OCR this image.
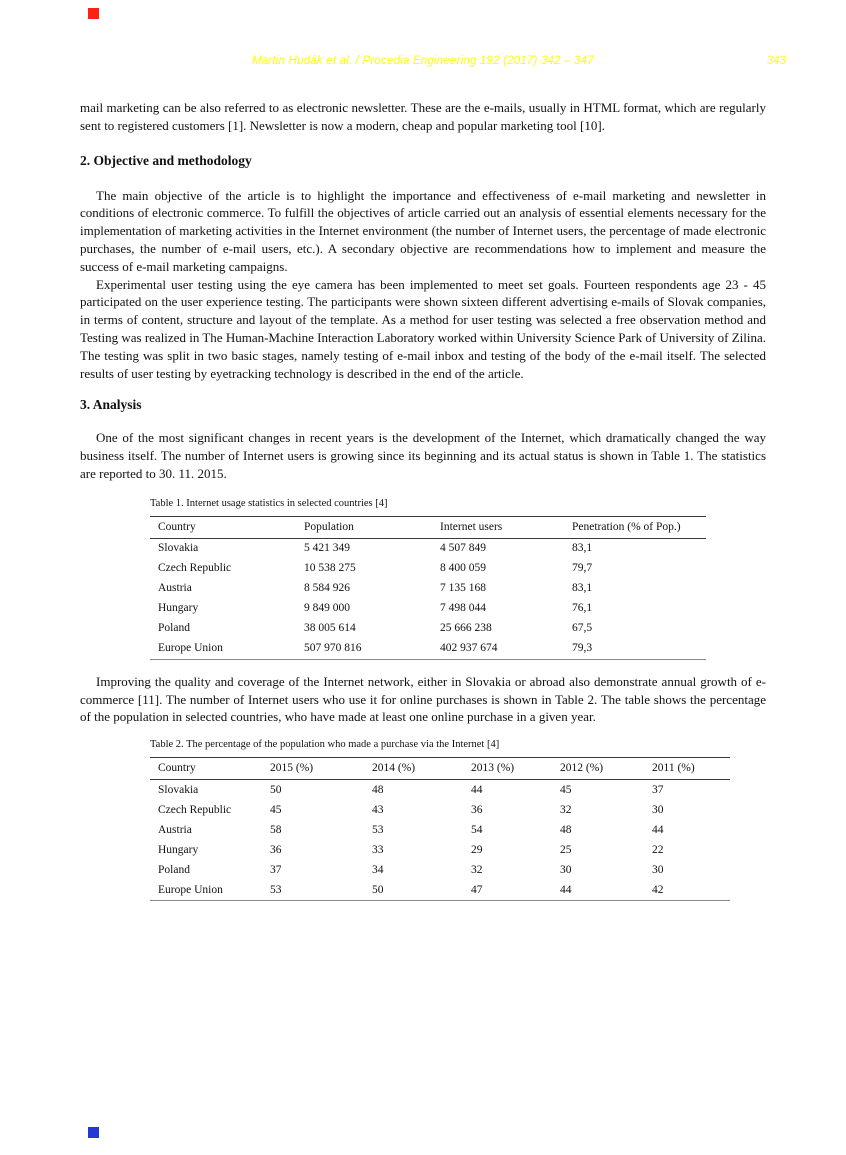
Martin Hudák et al. / Procedia Engineering 192 (2017) 342 – 347	343

mail marketing can be also referred to as electronic newsletter. These are the e-mails, usually in HTML format, which are regularly sent to registered customers [1]. Newsletter is now a modern, cheap and popular marketing tool [10].

2. Objective and methodology

The main objective of the article is to highlight the importance and effectiveness of e-mail marketing and newsletter in conditions of electronic commerce. To fulfill the objectives of article carried out an analysis of essential elements necessary for the implementation of marketing activities in the Internet environment (the number of Internet users, the percentage of made electronic purchases, the number of e-mail users, etc.). A secondary objective are recommendations how to implement and measure the success of e-mail marketing campaigns.

Experimental user testing using the eye camera has been implemented to meet set goals. Fourteen respondents age 23 - 45 participated on the user experience testing. The participants were shown sixteen different advertising e-mails of Slovak companies, in terms of content, structure and layout of the template. As a method for user testing was selected a free observation method and Testing was realized in The Human-Machine Interaction Laboratory worked within University Science Park of University of Zilina. The testing was split in two basic stages, namely testing of e-mail inbox and testing of the body of the e-mail itself. The selected results of user testing by eyetracking technology is described in the end of the article.

3. Analysis

One of the most significant changes in recent years is the development of the Internet, which dramatically changed the way business itself. The number of Internet users is growing since its beginning and its actual status is shown in Table 1. The statistics are reported to 30. 11. 2015.

Table 1. Internet usage statistics in selected countries [4]

Country	Population	Internet users	Penetration (% of Pop.)
Slovakia	5 421 349	4 507 849	83,1
Czech Republic	10 538 275	8 400 059	79,7
Austria	8 584 926	7 135 168	83,1
Hungary	9 849 000	7 498 044	76,1
Poland	38 005 614	25 666 238	67,5
Europe Union	507 970 816	402 937 674	79,3

Improving the quality and coverage of the Internet network, either in Slovakia or abroad also demonstrate annual growth of e-commerce [11]. The number of Internet users who use it for online purchases is shown in Table 2. The table shows the percentage of the population in selected countries, who have made at least one online purchase in a given year.

Table 2. The percentage of the population who made a purchase via the Internet [4]

Country	2015 (%)	2014 (%)	2013 (%)	2012 (%)	2011 (%)
Slovakia	50	48	44	45	37
Czech Republic	45	43	36	32	30
Austria	58	53	54	48	44
Hungary	36	33	29	25	22
Poland	37	34	32	30	30
Europe Union	53	50	47	44	42
